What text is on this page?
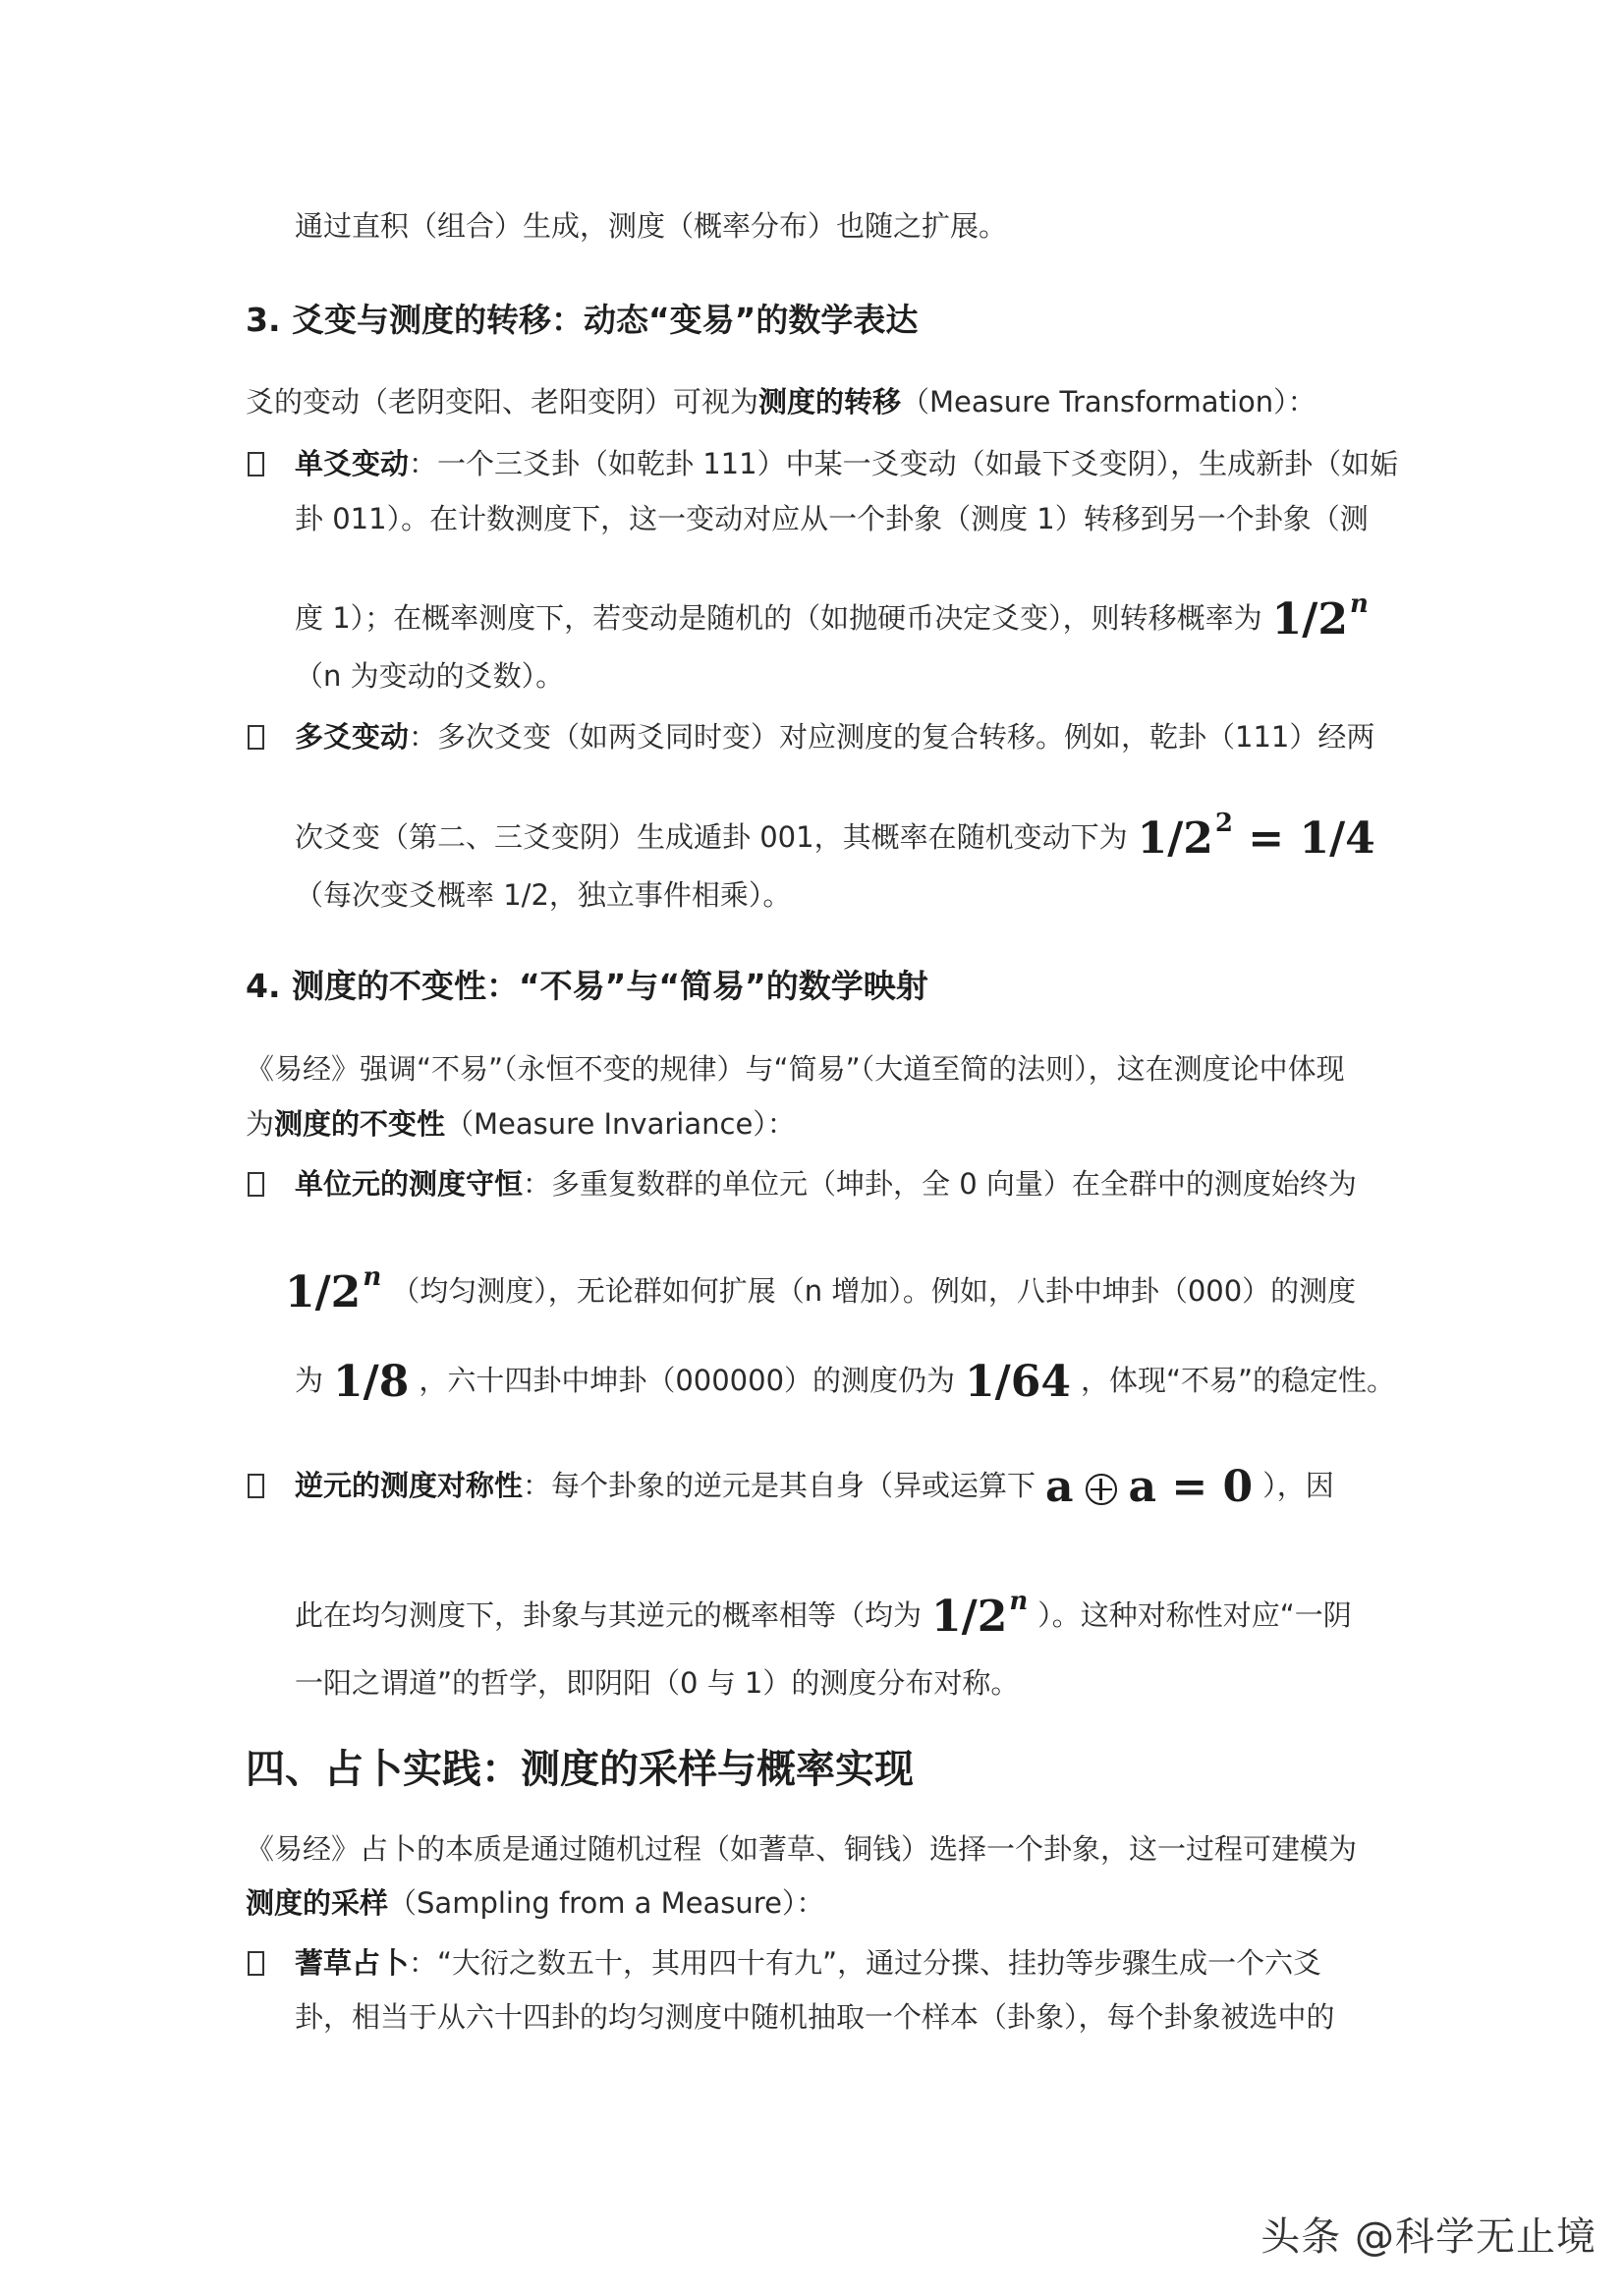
通过直积（组合）生成，测度（概率分布）也随之扩展。
3. 爻变与测度的转移：动态“变易”的数学表达
爻的变动（老阴变阳、老阳变阴）可视为测度的转移（Measure Transformation）：
单爻变动：一个三爻卦（如乾卦 111）中某一爻变动（如最下爻变阴），生成新卦（如姤
卦 011）。在计数测度下，这一变动对应从一个卦象（测度 1）转移到另一个卦象（测
度 1）；在概率测度下，若变动是随机的（如抛硬币决定爻变），则转移概率为 1/2$^n$
（n 为变动的爻数）。
多爻变动：多次爻变（如两爻同时变）对应测度的复合转移。例如，乾卦（111）经两
次爻变（第二、三爻变阴）生成遁卦 001，其概率在随机变动下为 $1/2^2 = 1/4$
（每次变爻概率 1/2，独立事件相乘）。
4. 测度的不变性：“不易”与“简易”的数学映射
《易经》强调“不易”（永恒不变的规律）与“简易”（大道至简的法则），这在测度论中体现
为测度的不变性（Measure Invariance）：
单位元的测度守恒：多重复数群的单位元（坤卦，全 0 向量）在全群中的测度始终为
1/2$^n$ （均匀测度），无论群如何扩展（n 增加）。例如，八卦中坤卦（000）的测度
为 1/8 ，六十四卦中坤卦（000000）的测度仍为 1/64 ，体现“不易”的稳定性。
逆元的测度对称性：每个卦象的逆元是其自身（异或运算下 a a = 0 ），因
此在均匀测度下，卦象与其逆元的概率相等（均为 1/2$^n$ ）。这种对称性对应“一阴
一阳之谓道”的哲学，即阴阳（0 与 1）的测度分布对称。
四、占卜实践：测度的采样与概率实现
《易经》占卜的本质是通过随机过程（如蓍草、铜钱）选择一个卦象，这一过程可建模为
测度的采样（Sampling from a Measure）：
蓍草占卜：“大衍之数五十，其用四十有九”，通过分揲、挂扐等步骤生成一个六爻
卦，相当于从六十四卦的均匀测度中随机抽取一个样本（卦象），每个卦象被选中的
头条 @科学无止境
